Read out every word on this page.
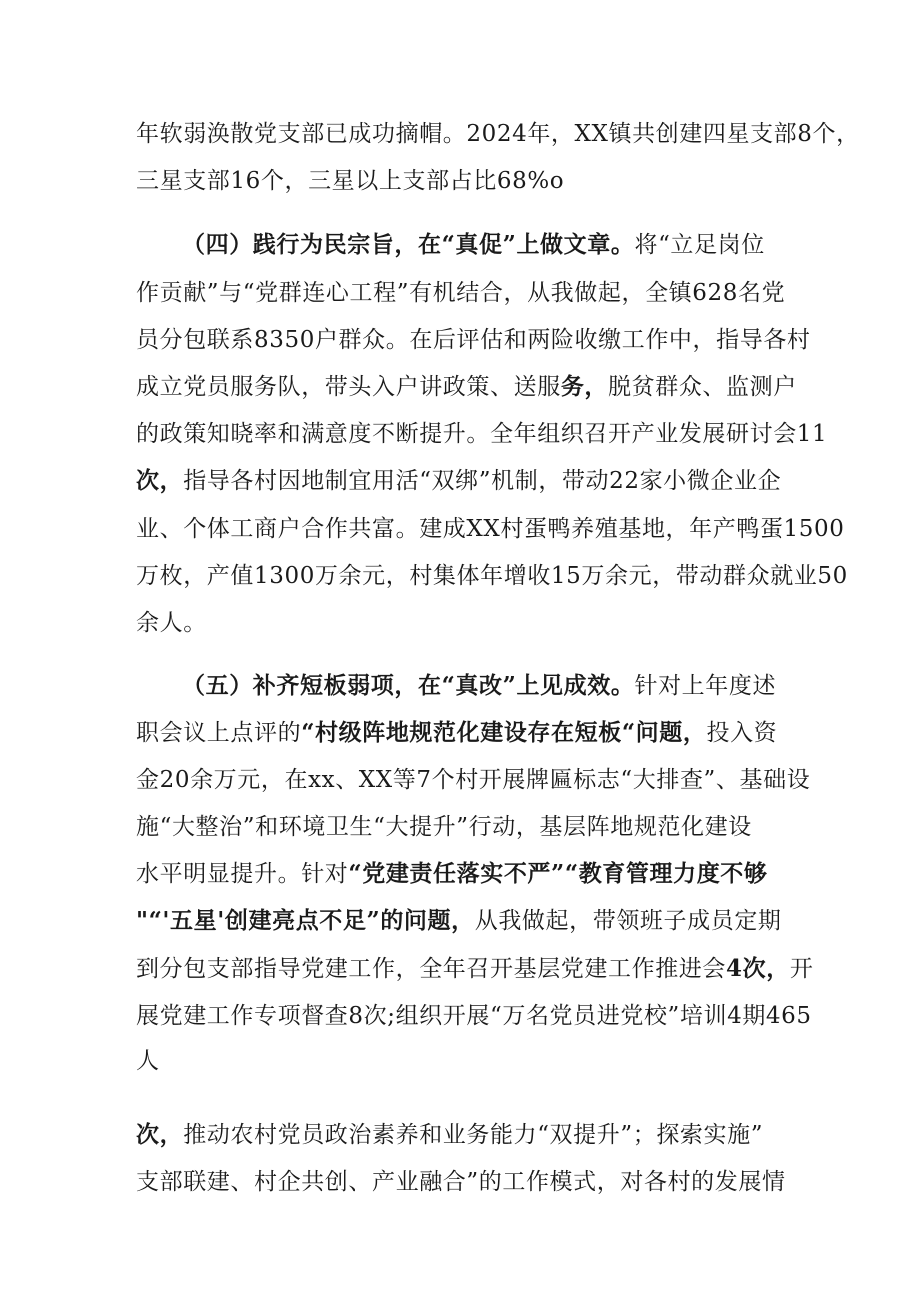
年软弱涣散党支部已成功摘帽。2024年，XX镇共创建四星支部8个，
三星支部16个，三星以上支部占比68%o
（四）践行为民宗旨，在“真促”上做文章。将“立足岗位
作贡献”与“党群连心工程”有机结合，从我做起，全镇628名党
员分包联系8350户群众。在后评估和两险收缴工作中，指导各村
成立党员服务队，带头入户讲政策、送服务，脱贫群众、监测户
的政策知晓率和满意度不断提升。全年组织召开产业发展研讨会11
次，指导各村因地制宜用活“双绑”机制，带动22家小微企业企
业、个体工商户合作共富。建成XX村蛋鸭养殖基地，年产鸭蛋1500
万枚，产值1300万余元，村集体年增收15万余元，带动群众就业50
余人。
（五）补齐短板弱项，在“真改”上见成效。针对上年度述
职会议上点评的“村级阵地规范化建设存在短板“问题，投入资
金20余万元，在xx、XX等7个村开展牌匾标志“大排查”、基础设
施“大整治”和环境卫生“大提升”行动，基层阵地规范化建设
水平明显提升。针对“党建责任落实不严”“教育管理力度不够
"“'五星'创建亮点不足”的问题，从我做起，带领班子成员定期
到分包支部指导党建工作，全年召开基层党建工作推进会4次，开
展党建工作专项督查8次;组织开展“万名党员进党校”培训4期465
人
次，推动农村党员政治素养和业务能力“双提升”；探索实施”
支部联建、村企共创、产业融合”的工作模式，对各村的发展情
